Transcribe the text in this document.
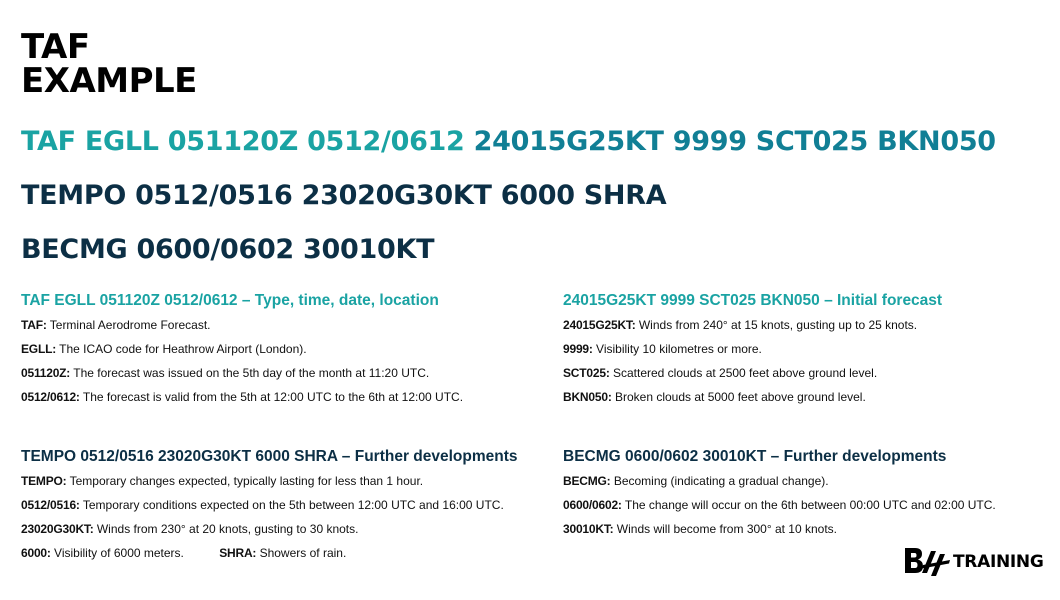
TAF
EXAMPLE
TAF EGLL 051120Z 0512/0612 24015G25KT 9999 SCT025 BKN050
TEMPO 0512/0516 23020G30KT 6000 SHRA
BECMG 0600/0602 30010KT
TAF EGLL 051120Z 0512/0612 – Type, time, date, location
TAF: Terminal Aerodrome Forecast.
EGLL: The ICAO code for Heathrow Airport (London).
051120Z: The forecast was issued on the 5th day of the month at 11:20 UTC.
0512/0612: The forecast is valid from the 5th at 12:00 UTC to the 6th at 12:00 UTC.
24015G25KT 9999 SCT025 BKN050 – Initial forecast
24015G25KT: Winds from 240° at 15 knots, gusting up to 25 knots.
9999: Visibility 10 kilometres or more.
SCT025: Scattered clouds at 2500 feet above ground level.
BKN050: Broken clouds at 5000 feet above ground level.
TEMPO 0512/0516 23020G30KT 6000 SHRA – Further developments
TEMPO: Temporary changes expected, typically lasting for less than 1 hour.
0512/0516: Temporary conditions expected on the 5th between 12:00 UTC and 16:00 UTC.
23020G30KT: Winds from 230° at 20 knots, gusting to 30 knots.
6000: Visibility of 6000 meters.	SHRA: Showers of rain.
BECMG 0600/0602 30010KT – Further developments
BECMG: Becoming (indicating a gradual change).
0600/0602: The change will occur on the 6th between 00:00 UTC and 02:00 UTC.
30010KT: Winds will become from 300° at 10 knots.
TRAINING
